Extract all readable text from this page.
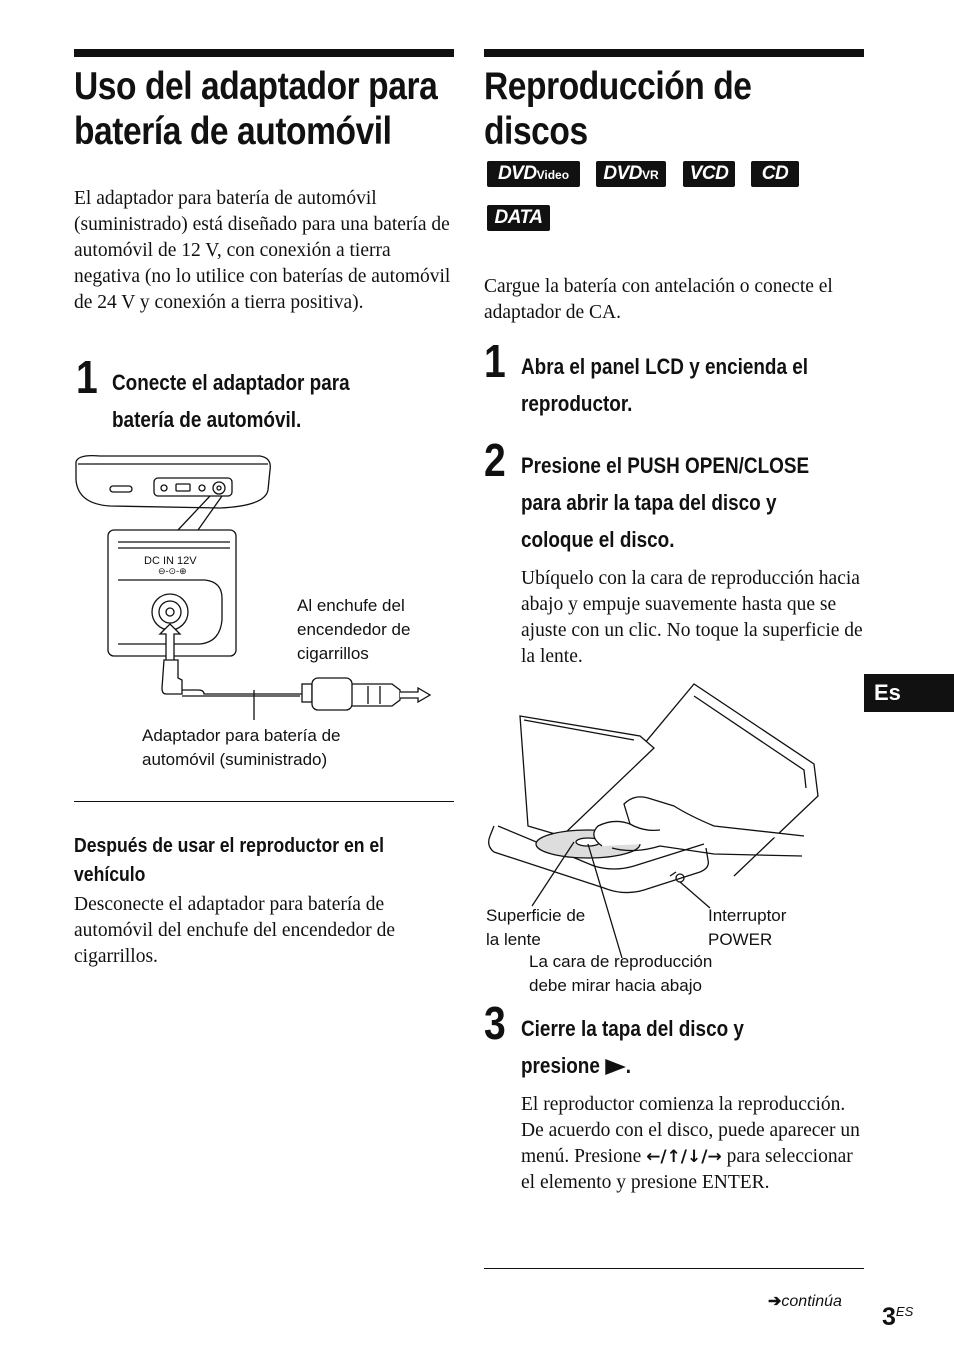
Uso del adaptador para
batería de automóvil

El adaptador para batería de automóvil (suministrado) está diseñado para una batería de automóvil de 12 V, con conexión a tierra negativa (no lo utilice con baterías de automóvil de 24 V y conexión a tierra positiva).

1 Conecte el adaptador para
batería de automóvil.
DC IN 12V
⊖-⊙-⊕
Al enchufe del
encendedor de
cigarrillos
Adaptador para batería de
automóvil (suministrado)
Después de usar el reproductor en el
vehículo

Desconecte el adaptador para batería de automóvil del enchufe del encendedor de cigarrillos.

Reproducción de
discos
DVDVideo	DVDVR	VCD	CD
DATA

Cargue la batería con antelación o conecte el adaptador de CA.

1 Abra el panel LCD y encienda el
reproductor.
2 Presione el PUSH OPEN/CLOSE
para abrir la tapa del disco y
coloque el disco.

Ubíquelo con la cara de reproducción hacia abajo y empuje suavemente hasta que se ajuste con un clic. No toque la superficie de la lente.

Superficie de
la lente
Interruptor
POWER
La cara de reproducción
debe mirar hacia abajo
3 Cierre la tapa del disco y
presione .
El reproductor comienza la reproducción.
De acuerdo con el disco, puede aparecer un menú. Presione ←/↑/↓/→ para seleccionar el elemento y presione ENTER.
Es
➔continúa
$3^{ES}$
